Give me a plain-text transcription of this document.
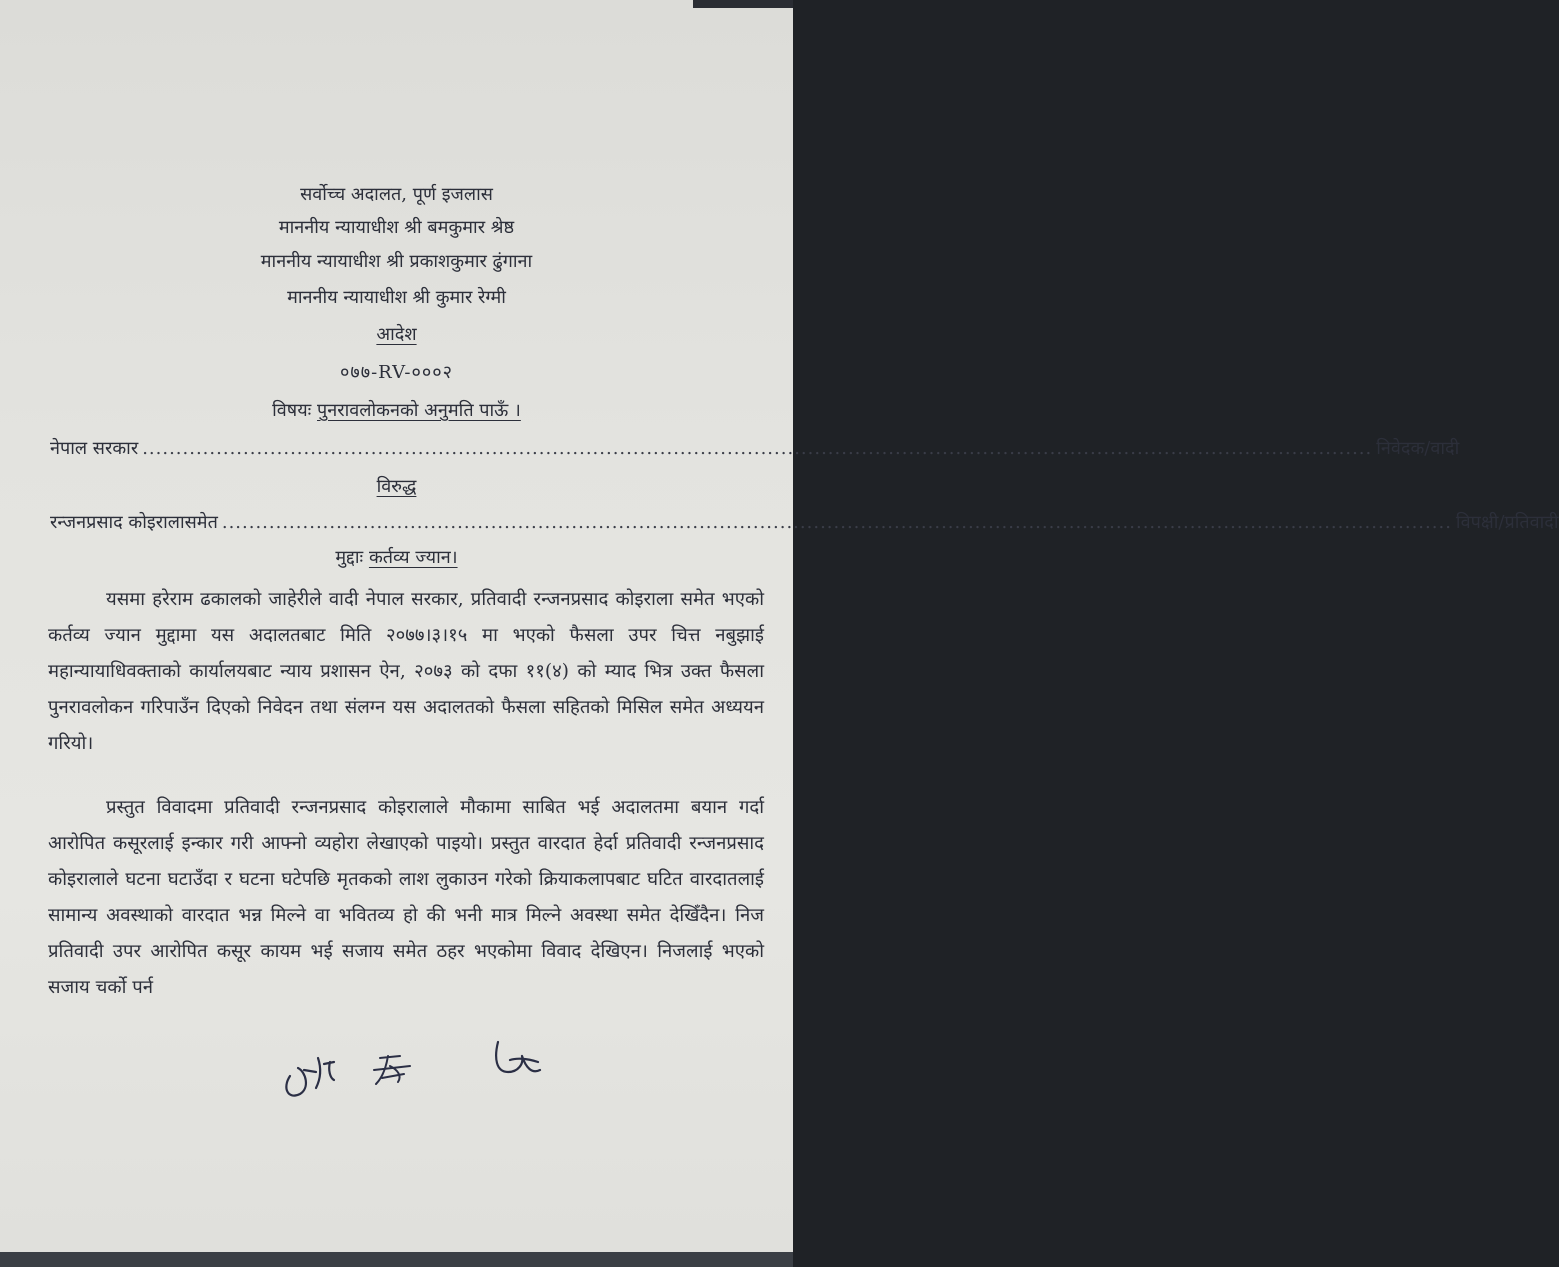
सर्वोच्च अदालत, पूर्ण इजलास
माननीय न्यायाधीश श्री बमकुमार श्रेष्ठ
माननीय न्यायाधीश श्री प्रकाशकुमार ढुंगाना
माननीय न्यायाधीश श्री कुमार रेग्मी
आदेश
०७७-RV-०००२
विषयः पुनरावलोकनको अनुमति पाऊँ ।
नेपाल सरकार ....................................................................................................................................................................................... निवेदक/वादी
विरुद्ध
रन्जनप्रसाद कोइरालासमेत ....................................................................................................................................................................................... विपक्षी/प्रतिवादी
मुद्दाः कर्तव्य ज्यान।
यसमा हरेराम ढकालको जाहेरीले वादी नेपाल सरकार, प्रतिवादी रन्जनप्रसाद कोइराला समेत भएको कर्तव्य ज्यान मुद्दामा यस अदालतबाट मिति २०७७।३।१५ मा भएको फैसला उपर चित्त नबुझाई महान्यायाधिवक्ताको कार्यालयबाट न्याय प्रशासन ऐन, २०७३ को दफा ११(४) को म्याद भित्र उक्त फैसला पुनरावलोकन गरिपाउँन दिएको निवेदन तथा संलग्न यस अदालतको फैसला सहितको मिसिल समेत अध्ययन गरियो।
प्रस्तुत विवादमा प्रतिवादी रन्जनप्रसाद कोइरालाले मौकामा साबित भई अदालतमा बयान गर्दा आरोपित कसूरलाई इन्कार गरी आफ्नो व्यहोरा लेखाएको पाइयो। प्रस्तुत वारदात हेर्दा प्रतिवादी रन्जनप्रसाद कोइरालाले घटना घटाउँदा र घटना घटेपछि मृतकको लाश लुकाउन गरेको क्रियाकलापबाट घटित वारदातलाई सामान्य अवस्थाको वारदात भन्न मिल्ने वा भवितव्य हो की भनी मात्र मिल्ने अवस्था समेत देखिँदैन। निज प्रतिवादी उपर आरोपित कसूर कायम भई सजाय समेत ठहर भएकोमा विवाद देखिएन। निजलाई भएको सजाय चर्को पर्न
